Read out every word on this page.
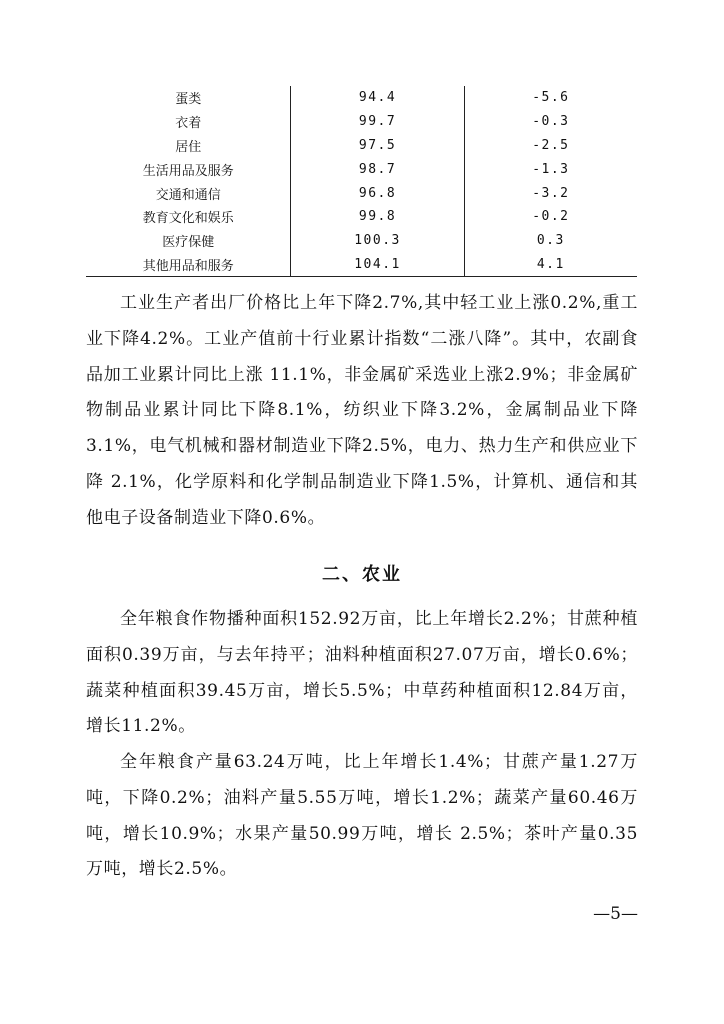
蛋类	94.4	-5.6
衣着	99.7	-0.3
居住	97.5	-2.5
生活用品及服务	98.7	-1.3
交通和通信	96.8	-3.2
教育文化和娱乐	99.8	-0.2
医疗保健	100.3	0.3
其他用品和服务	104.1	4.1

工业生产者出厂价格比上年下降2.7%,其中轻工业上涨0.2%,重工业下降4.2%。工业产值前十行业累计指数“二涨八降”。其中，农副食品加工业累计同比上涨 11.1%，非金属矿采选业上涨2.9%；非金属矿物制品业累计同比下降8.1%，纺织业下降3.2%，金属制品业下降3.1%，电气机械和器材制造业下降2.5%，电力、热力生产和供应业下降 2.1%，化学原料和化学制品制造业下降1.5%，计算机、通信和其他电子设备制造业下降0.6%。

二、农业

全年粮食作物播种面积152.92万亩，比上年增长2.2%；甘蔗种植面积0.39万亩，与去年持平；油料种植面积27.07万亩，增长0.6%；蔬菜种植面积39.45万亩，增长5.5%；中草药种植面积12.84万亩，增长11.2%。

全年粮食产量63.24万吨，比上年增长1.4%；甘蔗产量1.27万吨，下降0.2%；油料产量5.55万吨，增长1.2%；蔬菜产量60.46万吨，增长10.9%；水果产量50.99万吨，增长 2.5%；茶叶产量0.35万吨，增长2.5%。

—5—
